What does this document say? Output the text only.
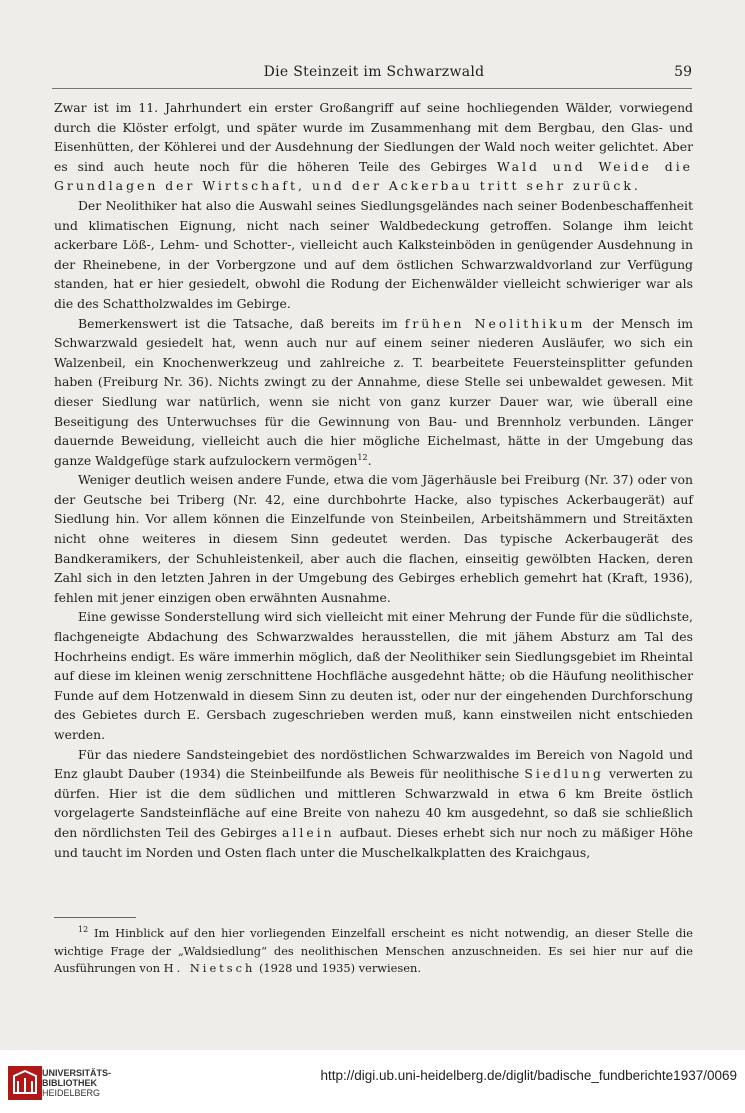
Die Steinzeit im Schwarzwald	59

Zwar ist im 11. Jahrhundert ein erster Großangriff auf seine hochliegenden Wälder, vorwiegend durch die Klöster erfolgt, und später wurde im Zusammenhang mit dem Bergbau, den Glas- und Eisenhütten, der Köhlerei und der Ausdehnung der Siedlungen der Wald noch weiter gelichtet. Aber es sind auch heute noch für die höheren Teile des Gebirges Wald und Weide die Grundlagen der Wirtschaft, und der Ackerbau tritt sehr zurück.

Der Neolithiker hat also die Auswahl seines Siedlungsgeländes nach seiner Bodenbeschaffenheit und klimatischen Eignung, nicht nach seiner Waldbedeckung getroffen. Solange ihm leicht ackerbare Löß-, Lehm- und Schotter-, vielleicht auch Kalksteinböden in genügender Ausdehnung in der Rheinebene, in der Vorbergzone und auf dem östlichen Schwarzwaldvorland zur Verfügung standen, hat er hier gesiedelt, obwohl die Rodung der Eichenwälder vielleicht schwieriger war als die des Schattholzwaldes im Gebirge.

Bemerkenswert ist die Tatsache, daß bereits im frühen Neolithikum der Mensch im Schwarzwald gesiedelt hat, wenn auch nur auf einem seiner niederen Ausläufer, wo sich ein Walzenbeil, ein Knochenwerkzeug und zahlreiche z. T. bearbeitete Feuersteinsplitter gefunden haben (Freiburg Nr. 36). Nichts zwingt zu der Annahme, diese Stelle sei unbewaldet gewesen. Mit dieser Siedlung war natürlich, wenn sie nicht von ganz kurzer Dauer war, wie überall eine Beseitigung des Unterwuchses für die Gewinnung von Bau- und Brennholz verbunden. Länger dauernde Beweidung, vielleicht auch die hier mögliche Eichelmast, hätte in der Umgebung das ganze Waldgefüge stark aufzulockern vermögen$^{12}$.

Weniger deutlich weisen andere Funde, etwa die vom Jägerhäusle bei Freiburg (Nr. 37) oder von der Geutsche bei Triberg (Nr. 42, eine durchbohrte Hacke, also typisches Ackerbaugerät) auf Siedlung hin. Vor allem können die Einzelfunde von Steinbeilen, Arbeitshämmern und Streitäxten nicht ohne weiteres in diesem Sinn gedeutet werden. Das typische Ackerbaugerät des Bandkeramikers, der Schuhleistenkeil, aber auch die flachen, einseitig gewölbten Hacken, deren Zahl sich in den letzten Jahren in der Umgebung des Gebirges erheblich gemehrt hat (Kraft, 1936), fehlen mit jener einzigen oben erwähnten Ausnahme.

Eine gewisse Sonderstellung wird sich vielleicht mit einer Mehrung der Funde für die südlichste, flachgeneigte Abdachung des Schwarzwaldes herausstellen, die mit jähem Absturz am Tal des Hochrheins endigt. Es wäre immerhin möglich, daß der Neolithiker sein Siedlungsgebiet im Rheintal auf diese im kleinen wenig zerschnittene Hochfläche ausgedehnt hätte; ob die Häufung neolithischer Funde auf dem Hotzenwald in diesem Sinn zu deuten ist, oder nur der eingehenden Durchforschung des Gebietes durch E. Gersbach zugeschrieben werden muß, kann einstweilen nicht entschieden werden.

Für das niedere Sandsteingebiet des nordöstlichen Schwarzwaldes im Bereich von Nagold und Enz glaubt Dauber (1934) die Steinbeilfunde als Beweis für neolithische Siedlung verwerten zu dürfen. Hier ist die dem südlichen und mittleren Schwarzwald in etwa 6 km Breite östlich vorgelagerte Sandsteinfläche auf eine Breite von nahezu 40 km ausgedehnt, so daß sie schließlich den nördlichsten Teil des Gebirges allein aufbaut. Dieses erhebt sich nur noch zu mäßiger Höhe und taucht im Norden und Osten flach unter die Muschelkalkplatten des Kraichgaus,

$^{12}$ Im Hinblick auf den hier vorliegenden Einzelfall erscheint es nicht notwendig, an dieser Stelle die wichtige Frage der „Waldsiedlung“ des neolithischen Menschen anzuschneiden. Es sei hier nur auf die Ausführungen von H. Nietsch (1928 und 1935) verwiesen.

UNIVERSITÄTS-
BIBLIOTHEK
HEIDELBERG
http://digi.ub.uni-heidelberg.de/diglit/badische_fundberichte1937/0069
